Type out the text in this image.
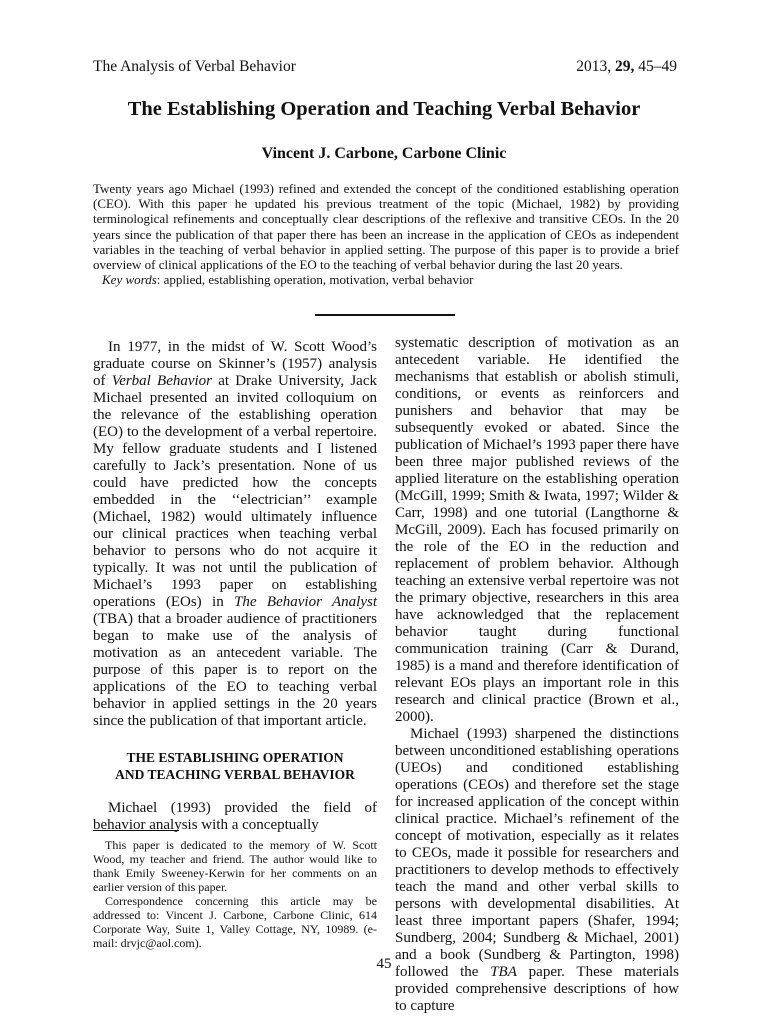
The Analysis of Verbal Behavior	2013, 29, 45–49
The Establishing Operation and Teaching Verbal Behavior
Vincent J. Carbone, Carbone Clinic

Twenty years ago Michael (1993) refined and extended the concept of the conditioned establishing operation (CEO). With this paper he updated his previous treatment of the topic (Michael, 1982) by providing terminological refinements and conceptually clear descriptions of the reflexive and transitive CEOs. In the 20 years since the publication of that paper there has been an increase in the application of CEOs as independent variables in the teaching of verbal behavior in applied setting. The purpose of this paper is to provide a brief overview of clinical applications of the EO to the teaching of verbal behavior during the last 20 years.

Key words: applied, establishing operation, motivation, verbal behavior

In 1977, in the midst of W. Scott Wood’s graduate course on Skinner’s (1957) analysis of Verbal Behavior at Drake University, Jack Michael presented an invited colloquium on the relevance of the establishing operation (EO) to the development of a verbal repertoire. My fellow graduate students and I listened carefully to Jack’s presentation. None of us could have predicted how the concepts embedded in the ‘‘electrician’’ example (Michael, 1982) would ultimately influence our clinical practices when teaching verbal behavior to persons who do not acquire it typically. It was not until the publication of Michael’s 1993 paper on establishing operations (EOs) in The Behavior Analyst (TBA) that a broader audience of practitioners began to make use of the analysis of motivation as an antecedent variable. The purpose of this paper is to report on the applications of the EO to teaching verbal behavior in applied settings in the 20 years since the publication of that important article.

THE ESTABLISHING OPERATION
AND TEACHING VERBAL BEHAVIOR

Michael (1993) provided the field of behavior analysis with a conceptually

This paper is dedicated to the memory of W. Scott Wood, my teacher and friend. The author would like to thank Emily Sweeney-Kerwin for her comments on an earlier version of this paper.

Correspondence concerning this article may be addressed to: Vincent J. Carbone, Carbone Clinic, 614 Corporate Way, Suite 1, Valley Cottage, NY, 10989. (e-mail: drvjc@aol.com).

systematic description of motivation as an antecedent variable. He identified the mechanisms that establish or abolish stimuli, conditions, or events as reinforcers and punishers and behavior that may be subsequently evoked or abated. Since the publication of Michael’s 1993 paper there have been three major published reviews of the applied literature on the establishing operation (McGill, 1999; Smith & Iwata, 1997; Wilder & Carr, 1998) and one tutorial (Langthorne & McGill, 2009). Each has focused primarily on the role of the EO in the reduction and replacement of problem behavior. Although teaching an extensive verbal repertoire was not the primary objective, researchers in this area have acknowledged that the replacement behavior taught during functional communication training (Carr & Durand, 1985) is a mand and therefore identification of relevant EOs plays an important role in this research and clinical practice (Brown et al., 2000).

Michael (1993) sharpened the distinctions between unconditioned establishing operations (UEOs) and conditioned establishing operations (CEOs) and therefore set the stage for increased application of the concept within clinical practice. Michael’s refinement of the concept of motivation, especially as it relates to CEOs, made it possible for researchers and practitioners to develop methods to effectively teach the mand and other verbal skills to persons with developmental disabilities. At least three important papers (Shafer, 1994; Sundberg, 2004; Sundberg & Michael, 2001) and a book (Sundberg & Partington, 1998) followed the TBA paper. These materials provided comprehensive descriptions of how to capture

45
